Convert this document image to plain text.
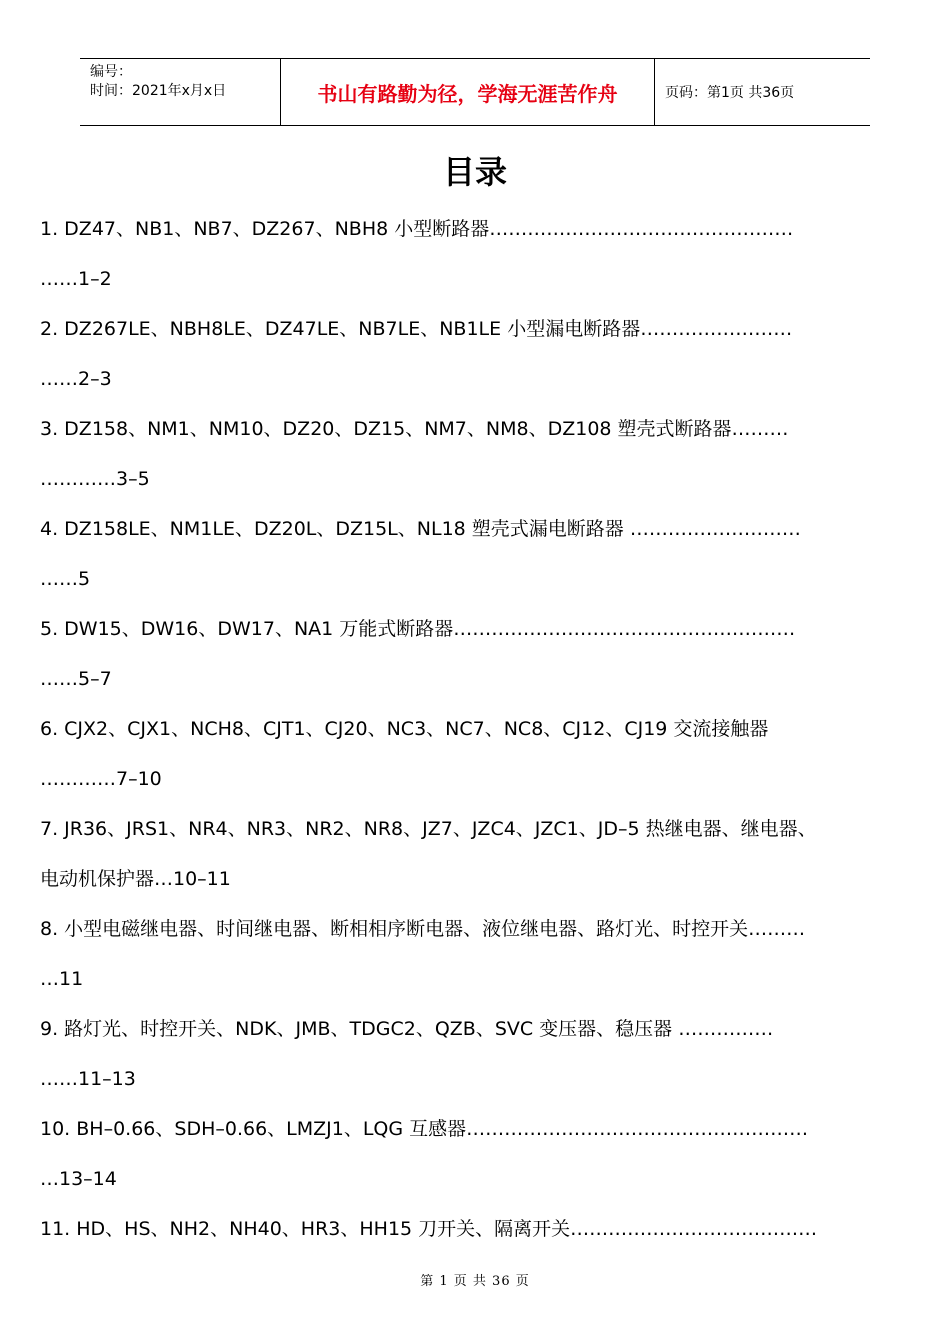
编号：
时间：2021年x月x日	书山有路勤为径，学海无涯苦作舟	页码：第1页 共36页
目录
1. DZ47、NB1、NB7、DZ267、NBH8 小型断路器…………………………………………
……1–2
2. DZ267LE、NBH8LE、DZ47LE、NB7LE、NB1LE 小型漏电断路器……………………
……2–3
3. DZ158、NM1、NM10、DZ20、DZ15、NM7、NM8、DZ108 塑壳式断路器………
…………3–5
4. DZ158LE、NM1LE、DZ20L、DZ15L、NL18 塑壳式漏电断路器 ………………………
……5
5. DW15、DW16、DW17、NA1 万能式断路器………………………………………………
……5–7
6. CJX2、CJX1、NCH8、CJT1、CJ20、NC3、NC7、NC8、CJ12、CJ19 交流接触器
…………7–10
7. JR36、JRS1、NR4、NR3、NR2、NR8、JZ7、JZC4、JZC1、JD–5 热继电器、继电器、
电动机保护器…10–11
8. 小型电磁继电器、时间继电器、断相相序断电器、液位继电器、路灯光、时控开关………
…11
9. 路灯光、时控开关、NDK、JMB、TDGC2、QZB、SVC 变压器、稳压器 ……………
……11–13
10. BH–0.66、SDH–0.66、LMZJ1、LQG 互感器………………………………………………
…13–14
11. HD、HS、NH2、NH40、HR3、HH15 刀开关、隔离开关…………………………………
第 1 页 共 36 页
